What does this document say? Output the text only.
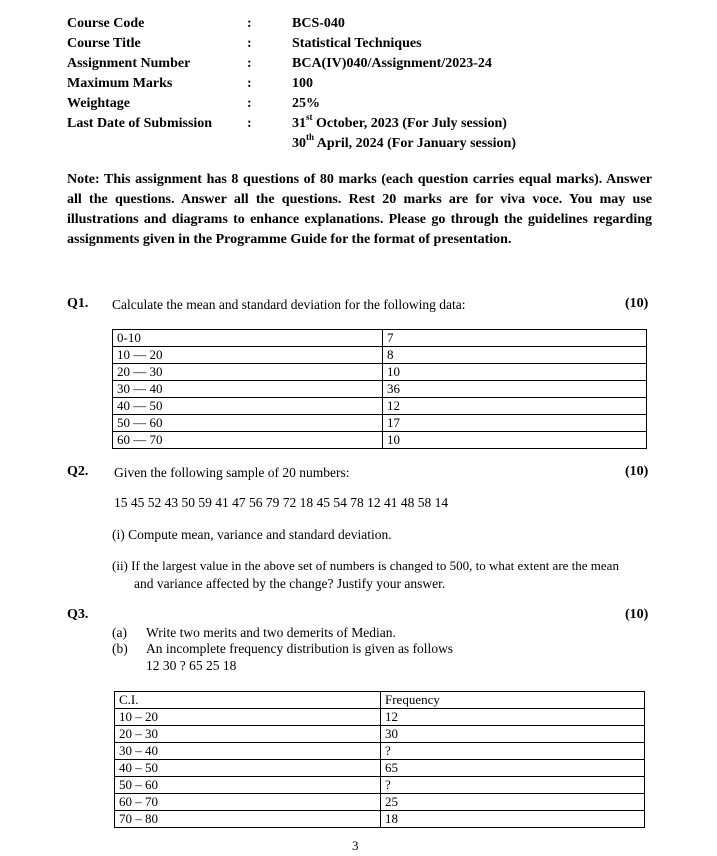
Course Code	:	BCS-040
Course Title	:	Statistical Techniques
Assignment Number	:	BCA(IV)040/Assignment/2023-24
Maximum Marks	:	100
Weightage	:	25%
Last Date of Submission :	31st October, 2023 (For July session)
30th April, 2024 (For January session)

Note: This assignment has 8 questions of 80 marks (each question carries equal marks). Answer all the questions. Answer all the questions. Rest 20 marks are for viva voce. You may use illustrations and diagrams to enhance explanations. Please go through the guidelines regarding assignments given in the Programme Guide for the format of presentation.

Q1. Calculate the mean and standard deviation for the following data:	(10)
0-10	7
10 — 20	8
20 — 30	10
30 — 40	36
40 — 50	12
50 — 60	17
60 — 70	10
Q2. Given the following sample of 20 numbers:	(10)
15 45 52 43 50 59 41 47 56 79 72 18 45 54 78 12 41 48 58 14
(i) Compute mean, variance and standard deviation.
(ii) If the largest value in the above set of numbers is changed to 500, to what extent are the mean
and variance affected by the change? Justify your answer.
Q3.	(10)
(a) Write two merits and two demerits of Median.
(b) An incomplete frequency distribution is given as follows
12 30 ? 65 25 18
C.I.	Frequency
10 – 20	12
20 – 30	30
30 – 40	?
40 – 50	65
50 – 60	?
60 – 70	25
70 – 80	18
3
